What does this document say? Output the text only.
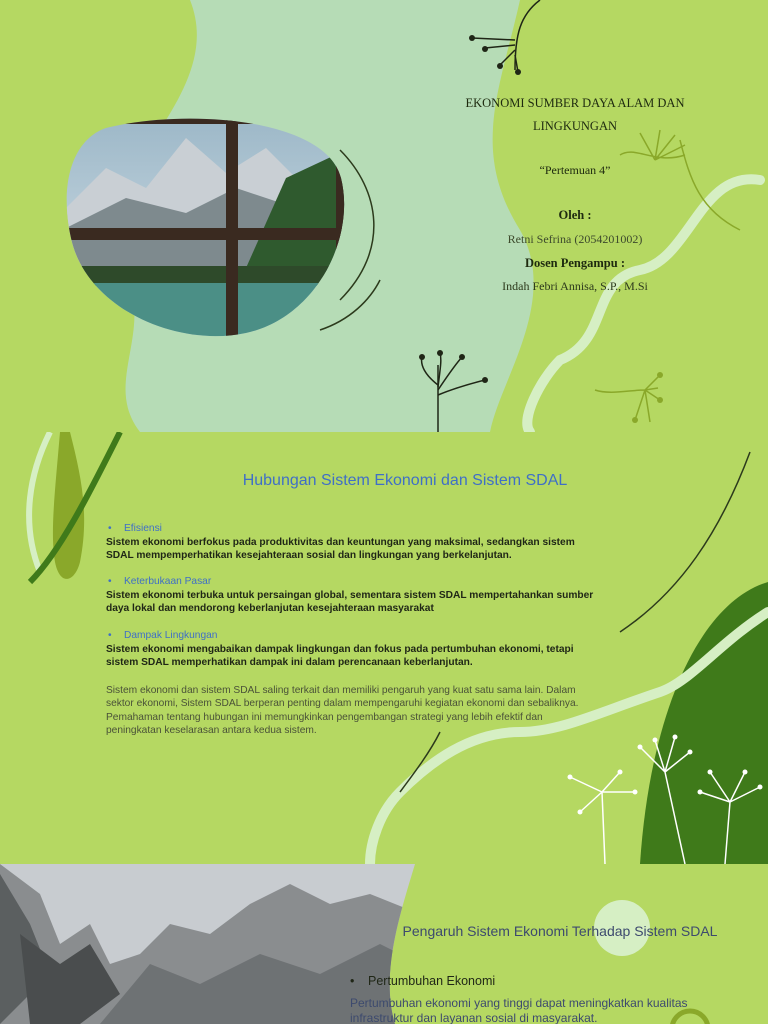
EKONOMI SUMBER DAYA ALAM DAN LINGKUNGAN
“Pertemuan 4”
Oleh :
Retni Sefrina (2054201002)
Dosen Pengampu :
Indah Febri Annisa, S.P., M.Si
Hubungan Sistem Ekonomi dan Sistem SDAL
• Efisiensi
Sistem ekonomi berfokus pada produktivitas dan keuntungan yang maksimal, sedangkan sistem SDAL mempemperhatikan kesejahteraan sosial dan lingkungan yang berkelanjutan.
• Keterbukaan Pasar
Sistem ekonomi terbuka untuk persaingan global, sementara sistem SDAL mempertahankan sumber daya lokal dan mendorong keberlanjutan kesejahteraan masyarakat
• Dampak Lingkungan
Sistem ekonomi mengabaikan dampak lingkungan dan fokus pada pertumbuhan ekonomi, tetapi sistem SDAL memperhatikan dampak ini dalam perencanaan keberlanjutan.
Sistem ekonomi dan sistem SDAL saling terkait dan memiliki pengaruh yang kuat satu sama lain. Dalam sektor ekonomi, Sistem SDAL berperan penting dalam mempengaruhi kegiatan ekonomi dan sebaliknya. Pemahaman tentang hubungan ini memungkinkan pengembangan strategi yang lebih efektif dan peningkatan keselarasan antara kedua sistem.
Pengaruh Sistem Ekonomi Terhadap Sistem SDAL
• Pertumbuhan Ekonomi
Pertumbuhan ekonomi yang tinggi dapat meningkatkan kualitas infrastruktur dan layanan sosial di masyarakat.
